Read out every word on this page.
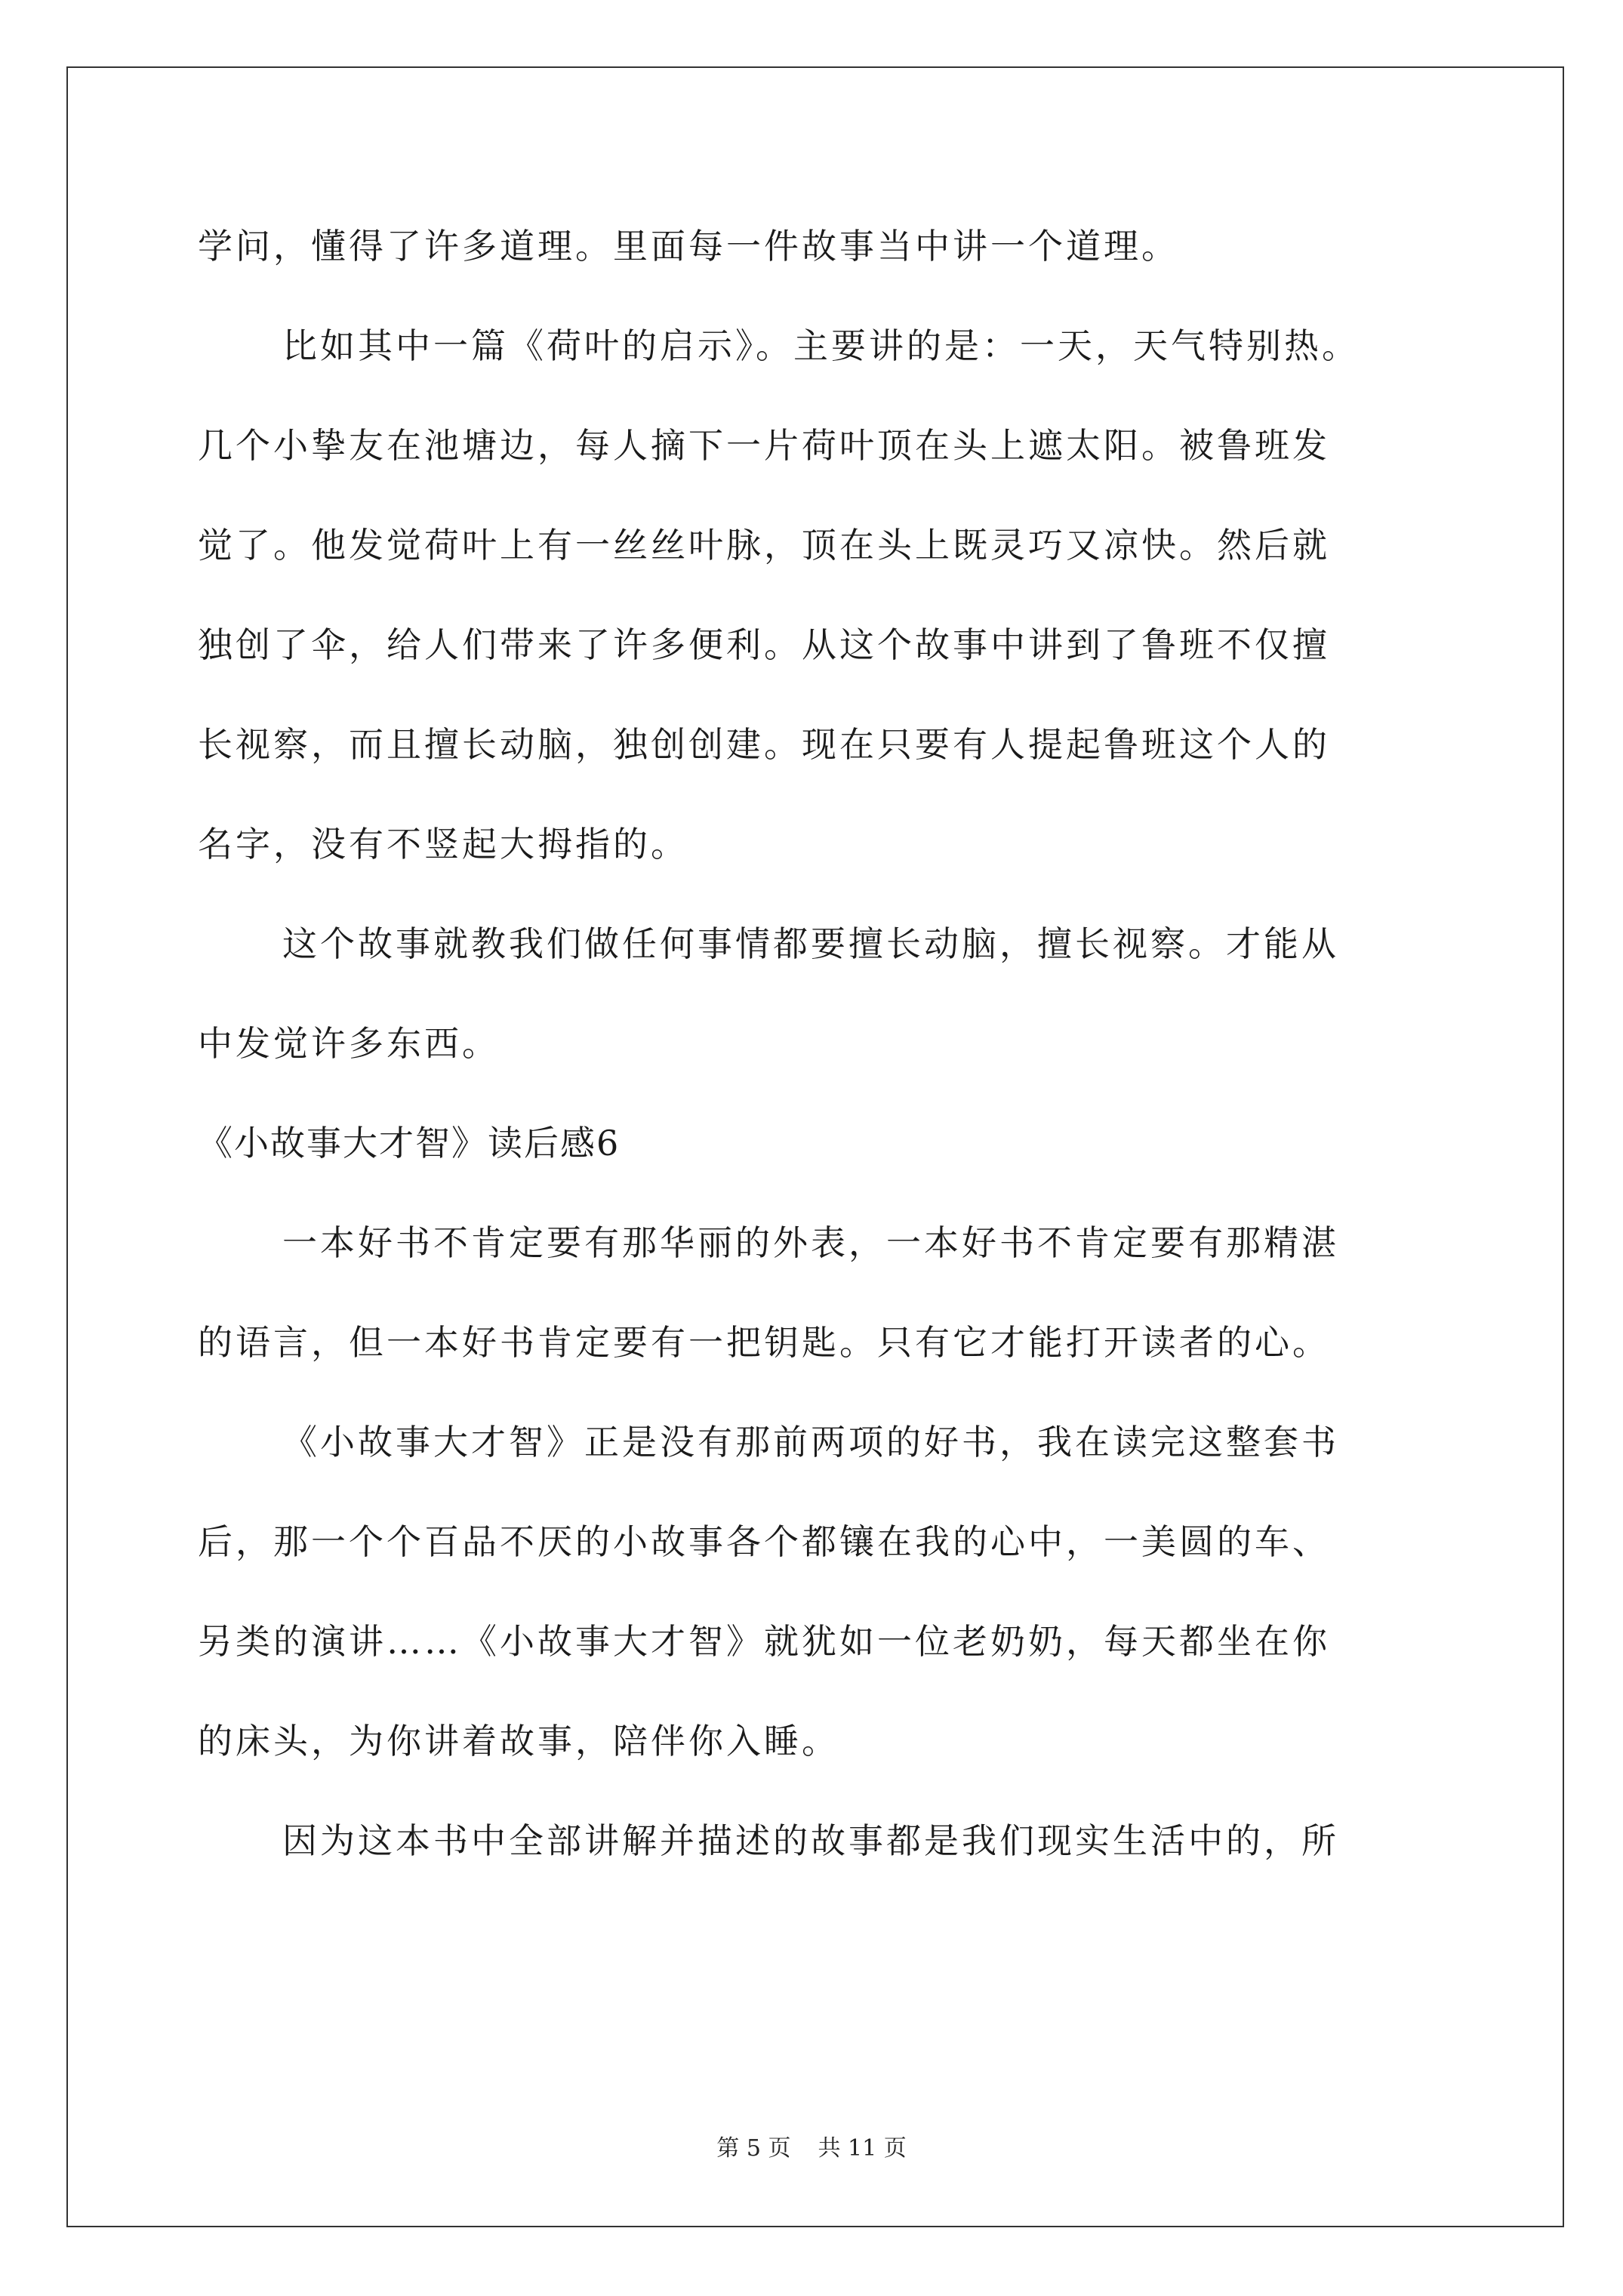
学问，懂得了许多道理。里面每一件故事当中讲一个道理。
比如其中一篇《荷叶的启示》。主要讲的是：一天，天气特别热。
几个小挚友在池塘边，每人摘下一片荷叶顶在头上遮太阳。被鲁班发
觉了。他发觉荷叶上有一丝丝叶脉，顶在头上既灵巧又凉快。然后就
独创了伞，给人们带来了许多便利。从这个故事中讲到了鲁班不仅擅
长视察，而且擅长动脑，独创创建。现在只要有人提起鲁班这个人的
名字，没有不竖起大拇指的。
这个故事就教我们做任何事情都要擅长动脑，擅长视察。才能从
中发觉许多东西。
《小故事大才智》读后感6
一本好书不肯定要有那华丽的外表，一本好书不肯定要有那精湛
的语言，但一本好书肯定要有一把钥匙。只有它才能打开读者的心。
《小故事大才智》正是没有那前两项的好书，我在读完这整套书
后，那一个个百品不厌的小故事各个都镶在我的心中，一美圆的车、
另类的演讲……《小故事大才智》就犹如一位老奶奶，每天都坐在你
的床头，为你讲着故事，陪伴你入睡。
因为这本书中全部讲解并描述的故事都是我们现实生活中的，所
第 5 页 共 11 页
